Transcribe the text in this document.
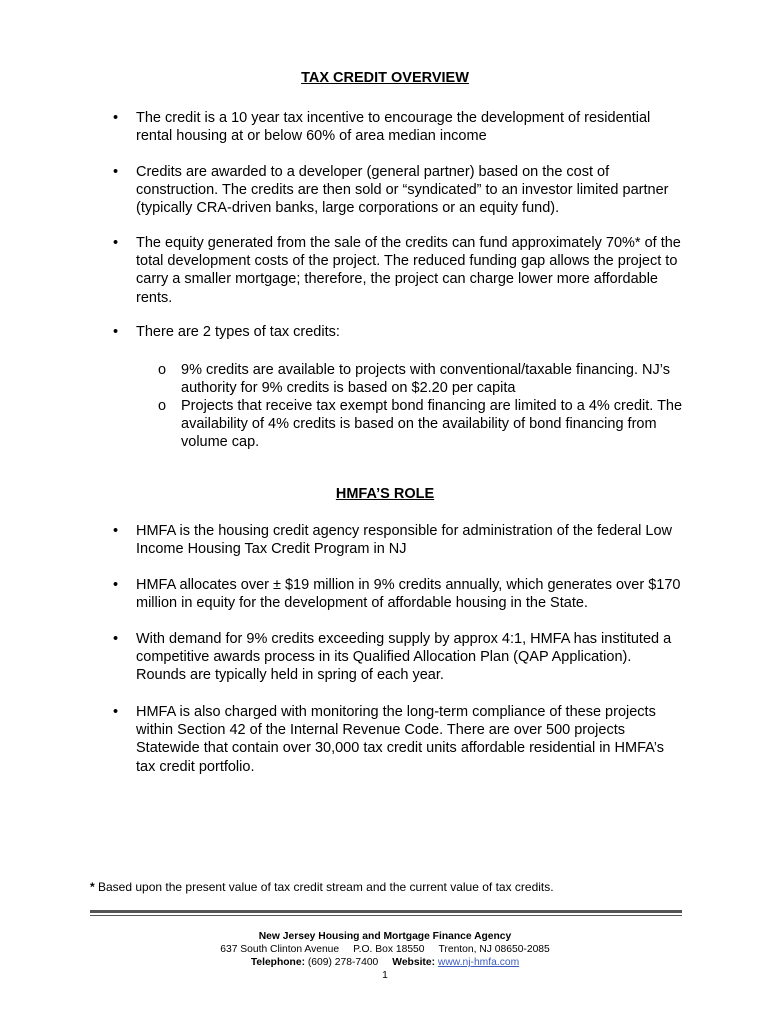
TAX CREDIT OVERVIEW
•	The credit is a 10 year tax incentive to encourage the development of residential rental housing at or below 60% of area median income
•	Credits are awarded to a developer (general partner) based on the cost of construction. The credits are then sold or “syndicated” to an investor limited partner (typically CRA-driven banks, large corporations or an equity fund).
•	The equity generated from the sale of the credits can fund approximately 70%* of the total development costs of the project. The reduced funding gap allows the project to carry a smaller mortgage; therefore, the project can charge lower more affordable rents.
•	There are 2 types of tax credits:
o 9% credits are available to projects with conventional/taxable financing. NJ’s authority for 9% credits is based on $2.20 per capita
o Projects that receive tax exempt bond financing are limited to a 4% credit. The availability of 4% credits is based on the availability of bond financing from volume cap.
HMFA’S ROLE
•	HMFA is the housing credit agency responsible for administration of the federal Low Income Housing Tax Credit Program in NJ
•	HMFA allocates over ± $19 million in 9% credits annually, which generates over $170 million in equity for the development of affordable housing in the State.
•	With demand for 9% credits exceeding supply by approx 4:1, HMFA has instituted a competitive awards process in its Qualified Allocation Plan (QAP Application). Rounds are typically held in spring of each year.
•	HMFA is also charged with monitoring the long-term compliance of these projects within Section 42 of the Internal Revenue Code. There are over 500 projects Statewide that contain over 30,000 tax credit units affordable residential in HMFA’s tax credit portfolio.
* Based upon the present value of tax credit stream and the current value of tax credits.
New Jersey Housing and Mortgage Finance Agency
637 South Clinton Avenue P.O. Box 18550 Trenton, NJ 08650-2085
Telephone: (609) 278-7400 Website: www.nj-hmfa.com
1
